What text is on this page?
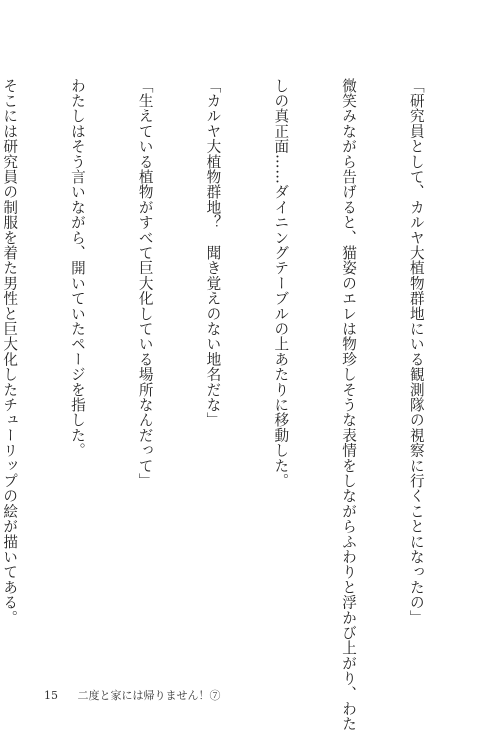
「研究員として、カルヤ大植物群地にいる観測隊の視察に行くことになったの」

微笑みながら告げると、猫姿のエレは物珍しそうな表情をしながらふわりと浮かび上がり、わた

しの真正面……ダイニングテーブルの上あたりに移動した。

「カルヤ大植物群地？　聞き覚えのない地名だな」

「生えている植物がすべて巨大化している場所なんだって」

わたしはそう言いながら、開いていたページを指した。

そこには研究員の制服を着た男性と巨大化したチューリップの絵が描いてある。

15 二度と家には帰りません！⑦
